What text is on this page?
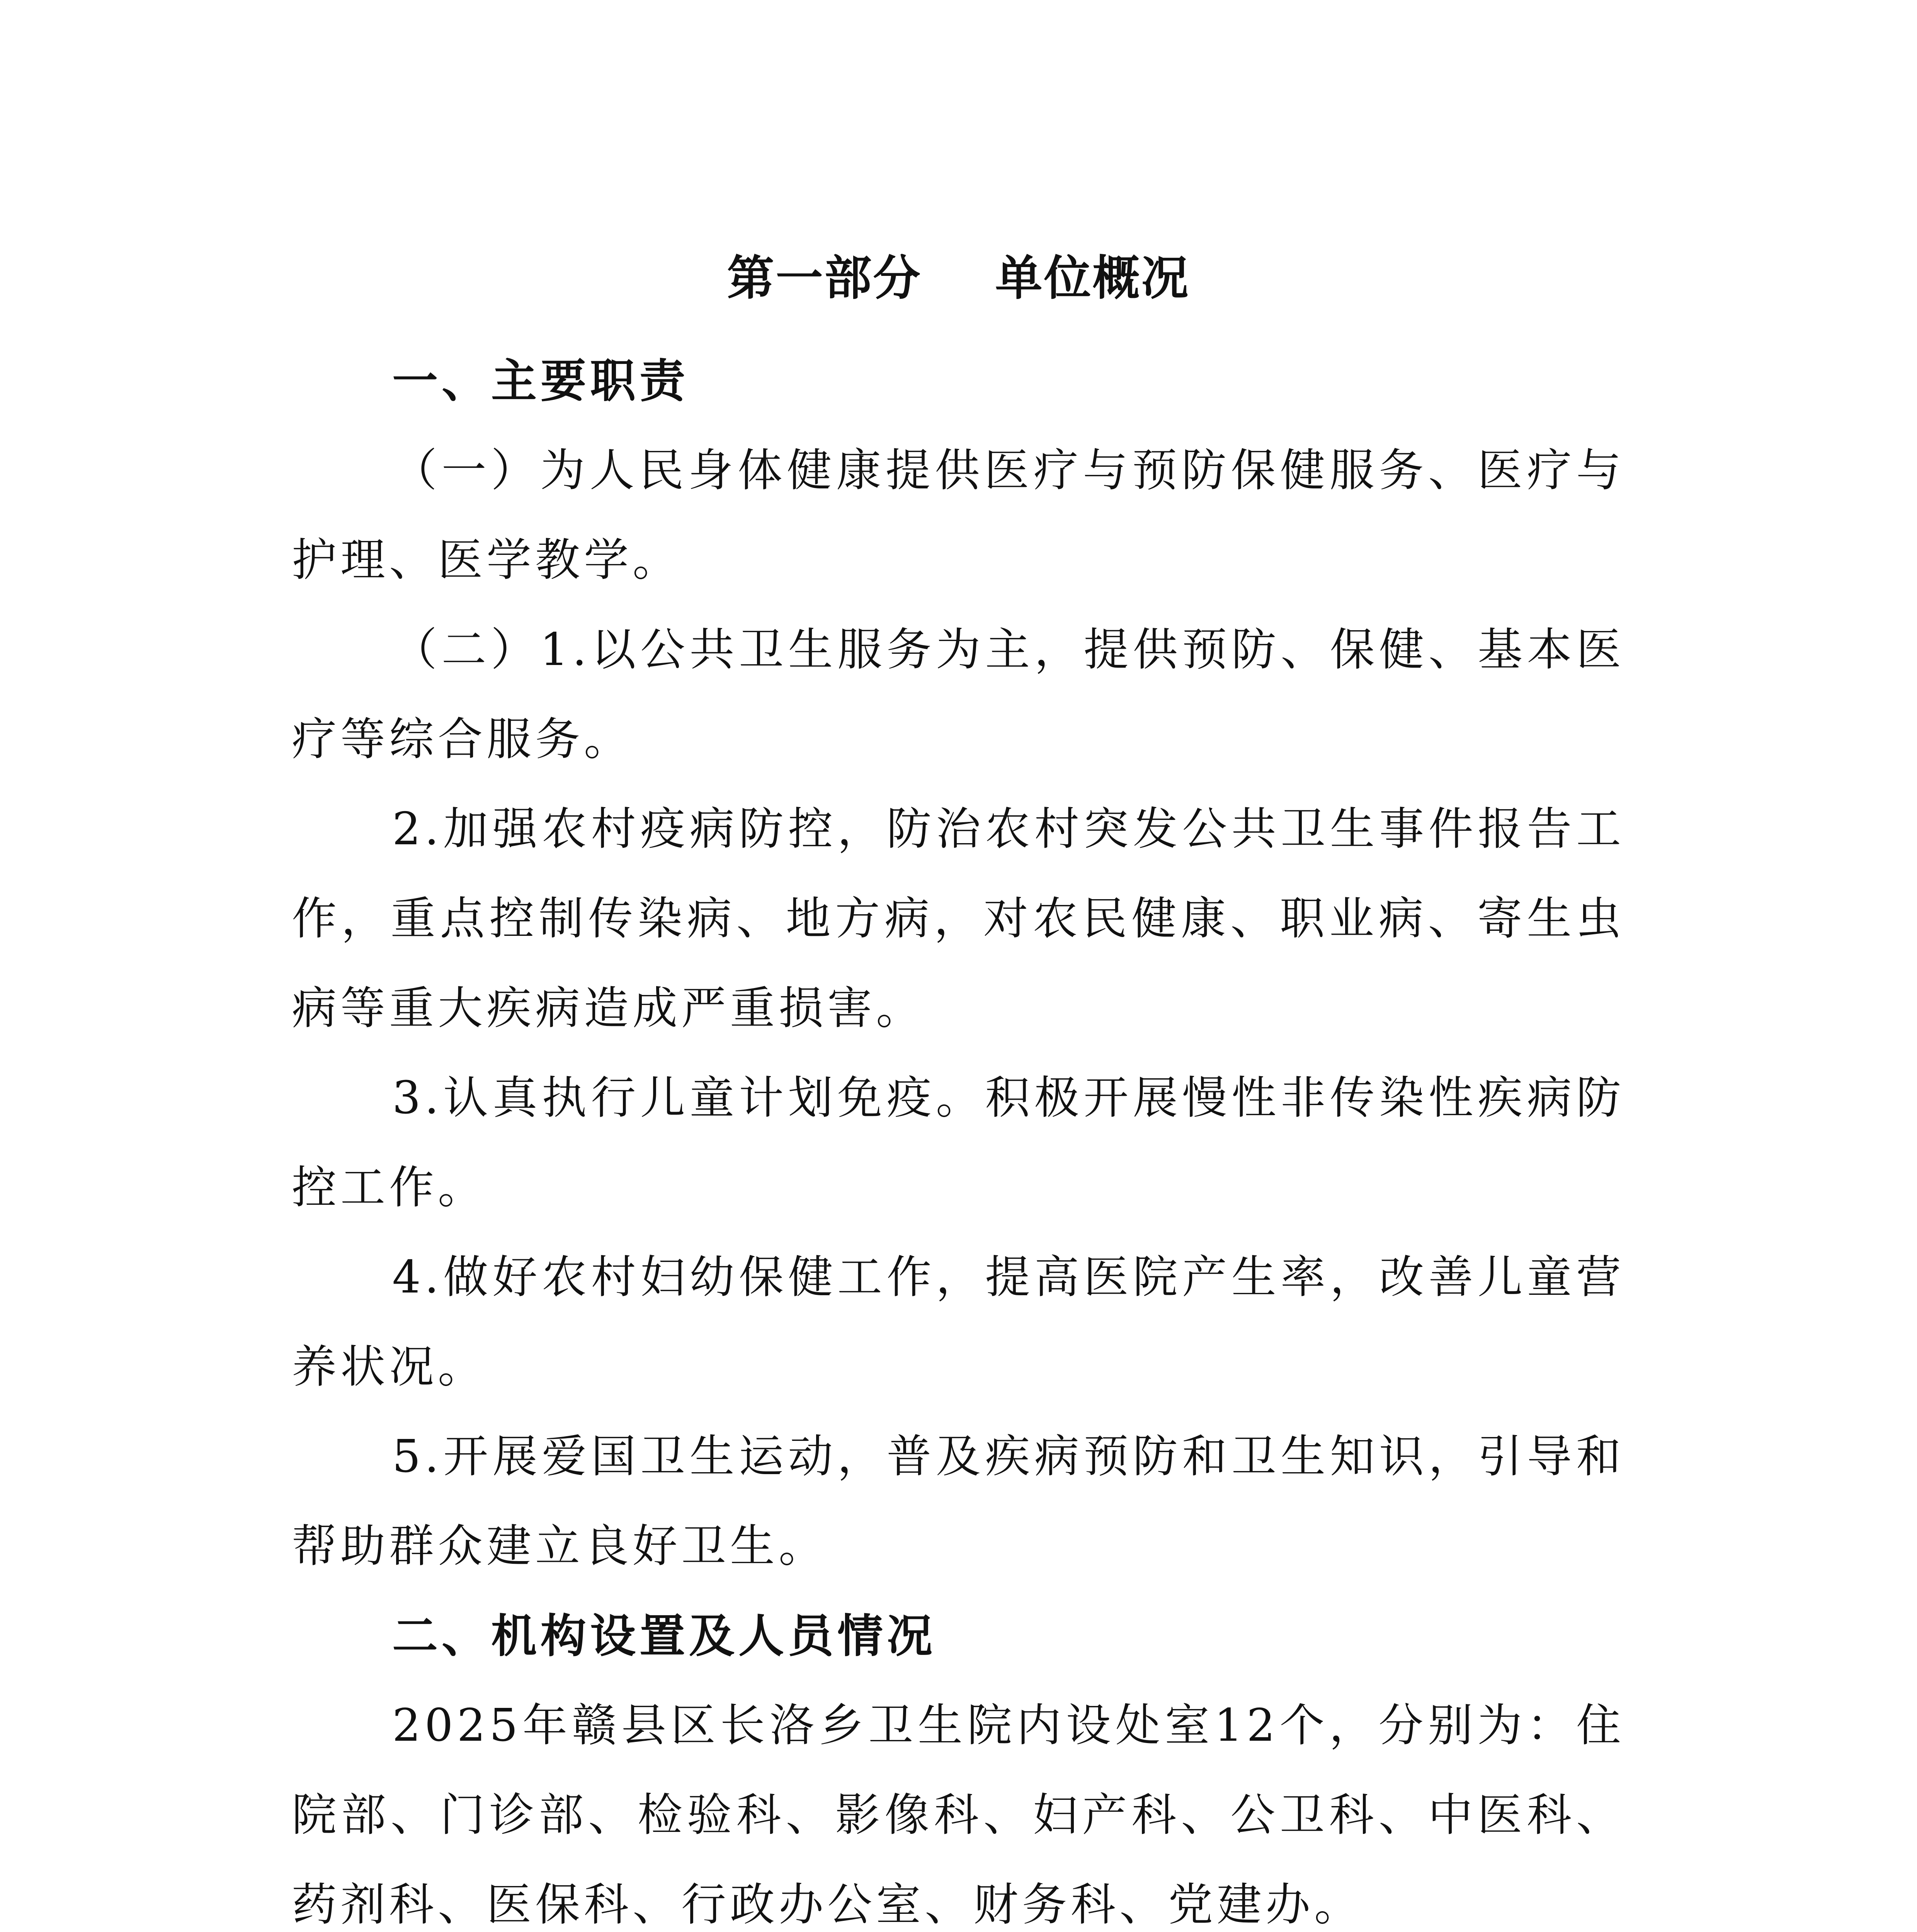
第一部分 单位概况

一、主要职责

（一）为人民身体健康提供医疗与预防保健服务、医疗与护理、医学教学。

（二）1.以公共卫生服务为主，提供预防、保健、基本医疗等综合服务。

2.加强农村疫病防控，防治农村突发公共卫生事件报告工作，重点控制传染病、地方病，对农民健康、职业病、寄生虫病等重大疾病造成严重损害。

3.认真执行儿童计划免疫。积极开展慢性非传染性疾病防控工作。

4.做好农村妇幼保健工作，提高医院产生率，改善儿童营养状况。

5.开展爱国卫生运动，普及疾病预防和卫生知识，引导和帮助群众建立良好卫生。

二、机构设置及人员情况

2025年赣县区长洛乡卫生院内设处室12个，分别为：住院部、门诊部、检验科、影像科、妇产科、公卫科、中医科、药剂科、医保科、行政办公室、财务科、党建办。
